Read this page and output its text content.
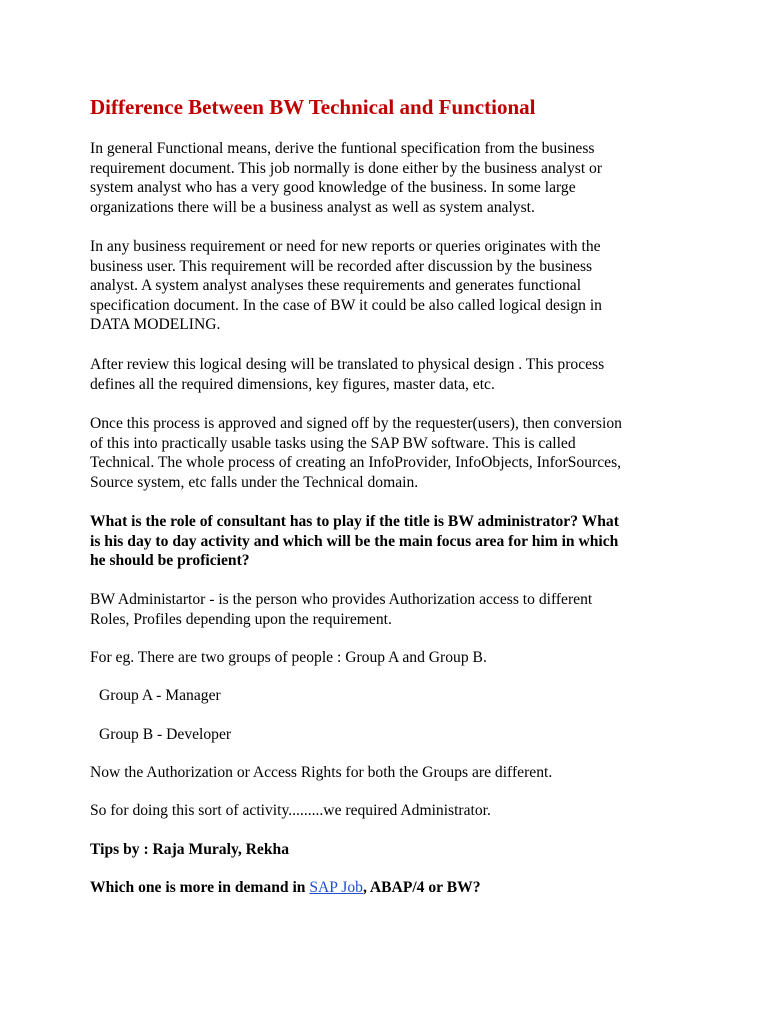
Difference Between BW Technical and Functional

In general Functional means, derive the funtional specification from the business
requirement document. This job normally is done either by the business analyst or
system analyst who has a very good knowledge of the business. In some large
organizations there will be a business analyst as well as system analyst.

In any business requirement or need for new reports or queries originates with the
business user. This requirement will be recorded after discussion by the business
analyst. A system analyst analyses these requirements and generates functional
specification document. In the case of BW it could be also called logical design in
DATA MODELING.

After review this logical desing will be translated to physical design . This process
defines all the required dimensions, key figures, master data, etc.

Once this process is approved and signed off by the requester(users), then conversion
of this into practically usable tasks using the SAP BW software. This is called
Technical. The whole process of creating an InfoProvider, InfoObjects, InforSources,
Source system, etc falls under the Technical domain.

What is the role of consultant has to play if the title is BW administrator? What
is his day to day activity and which will be the main focus area for him in which
he should be proficient?

BW Administartor - is the person who provides Authorization access to different
Roles, Profiles depending upon the requirement.

For eg. There are two groups of people : Group A and Group B.

Group A - Manager

Group B - Developer

Now the Authorization or Access Rights for both the Groups are different.

So for doing this sort of activity.........we required Administrator.

Tips by : Raja Muraly, Rekha

Which one is more in demand in SAP Job, ABAP/4 or BW?
